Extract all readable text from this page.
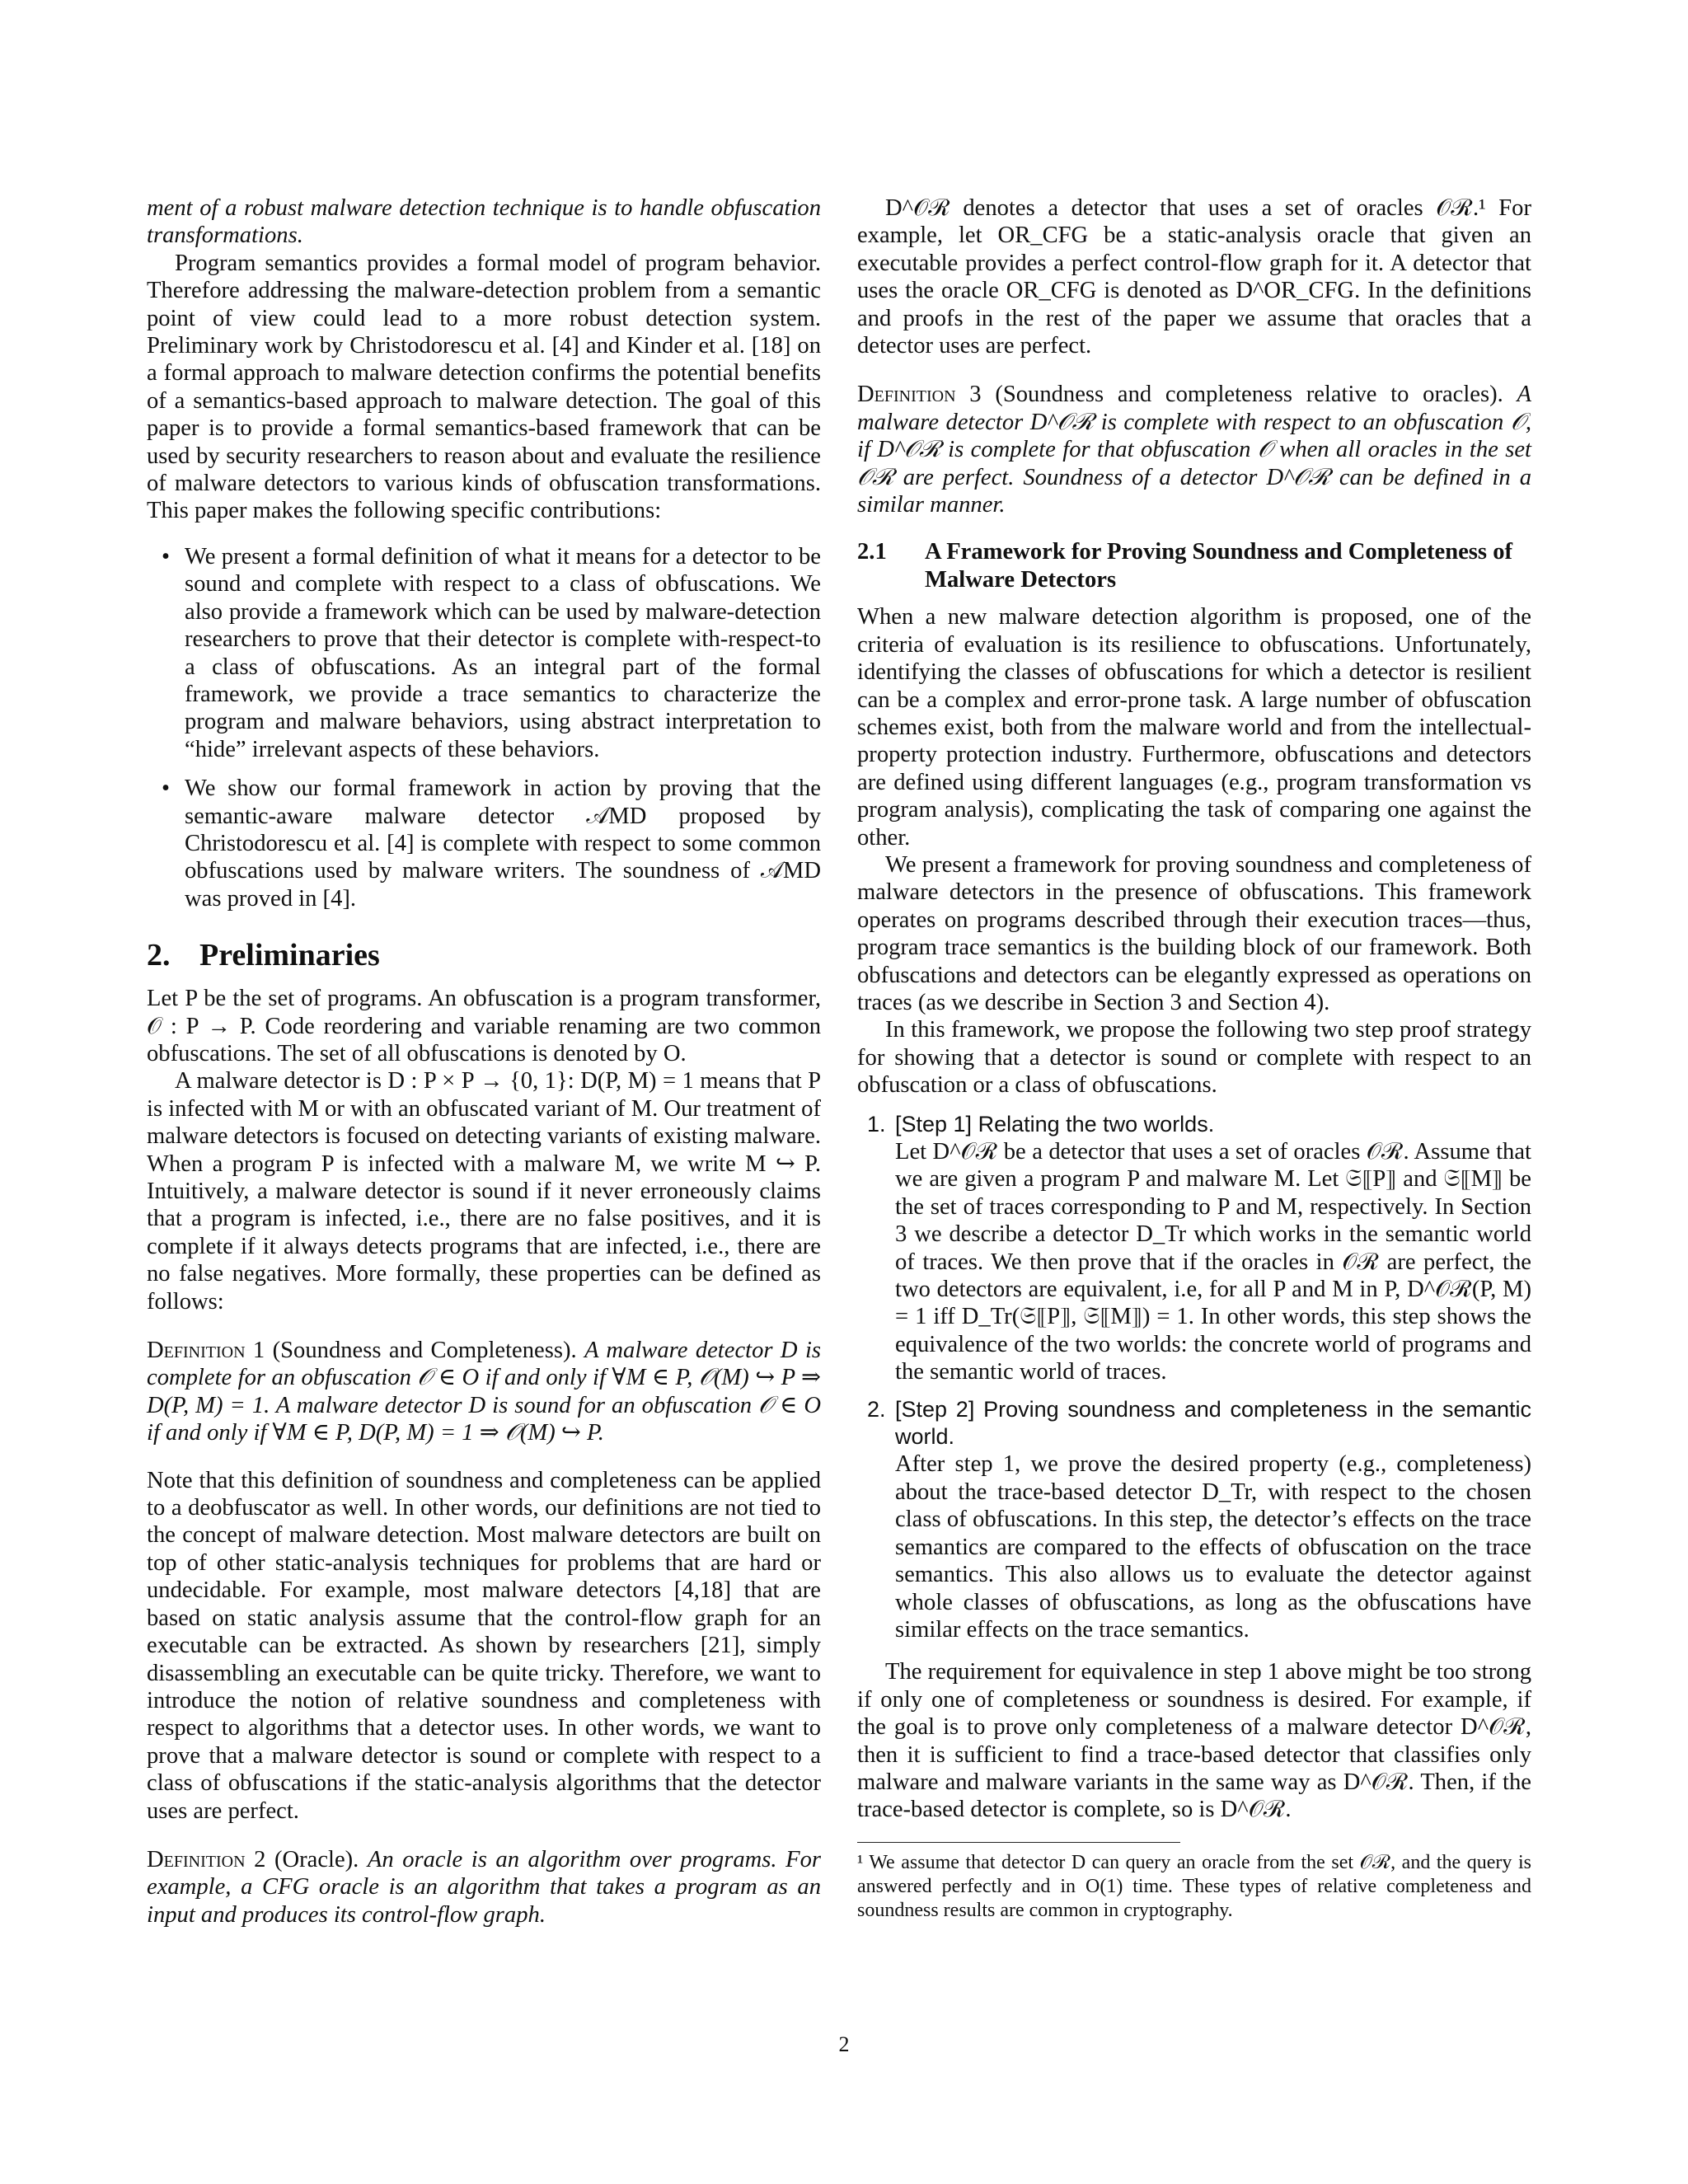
ment of a robust malware detection technique is to handle obfuscation transformations.

Program semantics provides a formal model of program behavior. Therefore addressing the malware-detection problem from a semantic point of view could lead to a more robust detection system. Preliminary work by Christodorescu et al. [4] and Kinder et al. [18] on a formal approach to malware detection confirms the potential benefits of a semantics-based approach to malware detection. The goal of this paper is to provide a formal semantics-based framework that can be used by security researchers to reason about and evaluate the resilience of malware detectors to various kinds of obfuscation transformations. This paper makes the following specific contributions:

• We present a formal definition of what it means for a detector to be sound and complete with respect to a class of obfuscations. We also provide a framework which can be used by malware-detection researchers to prove that their detector is complete with-respect-to a class of obfuscations. As an integral part of the formal framework, we provide a trace semantics to characterize the program and malware behaviors, using abstract interpretation to “hide” irrelevant aspects of these behaviors.
• We show our formal framework in action by proving that the semantic-aware malware detector 𝒜MD proposed by Christodorescu et al. [4] is complete with respect to some common obfuscations used by malware writers. The soundness of 𝒜MD was proved in [4].
2. Preliminaries

Let P be the set of programs. An obfuscation is a program transformer, 𝒪 : P → P. Code reordering and variable renaming are two common obfuscations. The set of all obfuscations is denoted by O.

A malware detector is D : P × P → {0, 1}: D(P, M) = 1 means that P is infected with M or with an obfuscated variant of M. Our treatment of malware detectors is focused on detecting variants of existing malware. When a program P is infected with a malware M, we write M ↪ P. Intuitively, a malware detector is sound if it never erroneously claims that a program is infected, i.e., there are no false positives, and it is complete if it always detects programs that are infected, i.e., there are no false negatives. More formally, these properties can be defined as follows:

Definition 1 (Soundness and Completeness). A malware detector D is complete for an obfuscation 𝒪 ∈ O if and only if ∀M ∈ P, 𝒪(M) ↪ P ⇒ D(P, M) = 1. A malware detector D is sound for an obfuscation 𝒪 ∈ O if and only if ∀M ∈ P, D(P, M) = 1 ⇒ 𝒪(M) ↪ P.

Note that this definition of soundness and completeness can be applied to a deobfuscator as well. In other words, our definitions are not tied to the concept of malware detection. Most malware detectors are built on top of other static-analysis techniques for problems that are hard or undecidable. For example, most malware detectors [4,18] that are based on static analysis assume that the control-flow graph for an executable can be extracted. As shown by researchers [21], simply disassembling an executable can be quite tricky. Therefore, we want to introduce the notion of relative soundness and completeness with respect to algorithms that a detector uses. In other words, we want to prove that a malware detector is sound or complete with respect to a class of obfuscations if the static-analysis algorithms that the detector uses are perfect.

Definition 2 (Oracle). An oracle is an algorithm over programs. For example, a CFG oracle is an algorithm that takes a program as an input and produces its control-flow graph.

D^𝒪ℛ denotes a detector that uses a set of oracles 𝒪ℛ.¹ For example, let OR_CFG be a static-analysis oracle that given an executable provides a perfect control-flow graph for it. A detector that uses the oracle OR_CFG is denoted as D^OR_CFG. In the definitions and proofs in the rest of the paper we assume that oracles that a detector uses are perfect.

Definition 3 (Soundness and completeness relative to oracles). A malware detector D^𝒪ℛ is complete with respect to an obfuscation 𝒪, if D^𝒪ℛ is complete for that obfuscation 𝒪 when all oracles in the set 𝒪ℛ are perfect. Soundness of a detector D^𝒪ℛ can be defined in a similar manner.

2.1 A Framework for Proving Soundness and Completeness of Malware Detectors

When a new malware detection algorithm is proposed, one of the criteria of evaluation is its resilience to obfuscations. Unfortunately, identifying the classes of obfuscations for which a detector is resilient can be a complex and error-prone task. A large number of obfuscation schemes exist, both from the malware world and from the intellectual-property protection industry. Furthermore, obfuscations and detectors are defined using different languages (e.g., program transformation vs program analysis), complicating the task of comparing one against the other.

We present a framework for proving soundness and completeness of malware detectors in the presence of obfuscations. This framework operates on programs described through their execution traces—thus, program trace semantics is the building block of our framework. Both obfuscations and detectors can be elegantly expressed as operations on traces (as we describe in Section 3 and Section 4).

In this framework, we propose the following two step proof strategy for showing that a detector is sound or complete with respect to an obfuscation or a class of obfuscations.

1. [Step 1] Relating the two worlds.
Let D^𝒪ℛ be a detector that uses a set of oracles 𝒪ℛ. Assume that we are given a program P and malware M. Let 𝔖⟦P⟧ and 𝔖⟦M⟧ be the set of traces corresponding to P and M, respectively. In Section 3 we describe a detector D_Tr which works in the semantic world of traces. We then prove that if the oracles in 𝒪ℛ are perfect, the two detectors are equivalent, i.e, for all P and M in P, D^𝒪ℛ(P, M) = 1 iff D_Tr(𝔖⟦P⟧, 𝔖⟦M⟧) = 1. In other words, this step shows the equivalence of the two worlds: the concrete world of programs and the semantic world of traces.
2. [Step 2] Proving soundness and completeness in the semantic world.
After step 1, we prove the desired property (e.g., completeness) about the trace-based detector D_Tr, with respect to the chosen class of obfuscations. In this step, the detector’s effects on the trace semantics are compared to the effects of obfuscation on the trace semantics. This also allows us to evaluate the detector against whole classes of obfuscations, as long as the obfuscations have similar effects on the trace semantics.

The requirement for equivalence in step 1 above might be too strong if only one of completeness or soundness is desired. For example, if the goal is to prove only completeness of a malware detector D^𝒪ℛ, then it is sufficient to find a trace-based detector that classifies only malware and malware variants in the same way as D^𝒪ℛ. Then, if the trace-based detector is complete, so is D^𝒪ℛ.

¹ We assume that detector D can query an oracle from the set 𝒪ℛ, and the query is answered perfectly and in O(1) time. These types of relative completeness and soundness results are common in cryptography.

2
